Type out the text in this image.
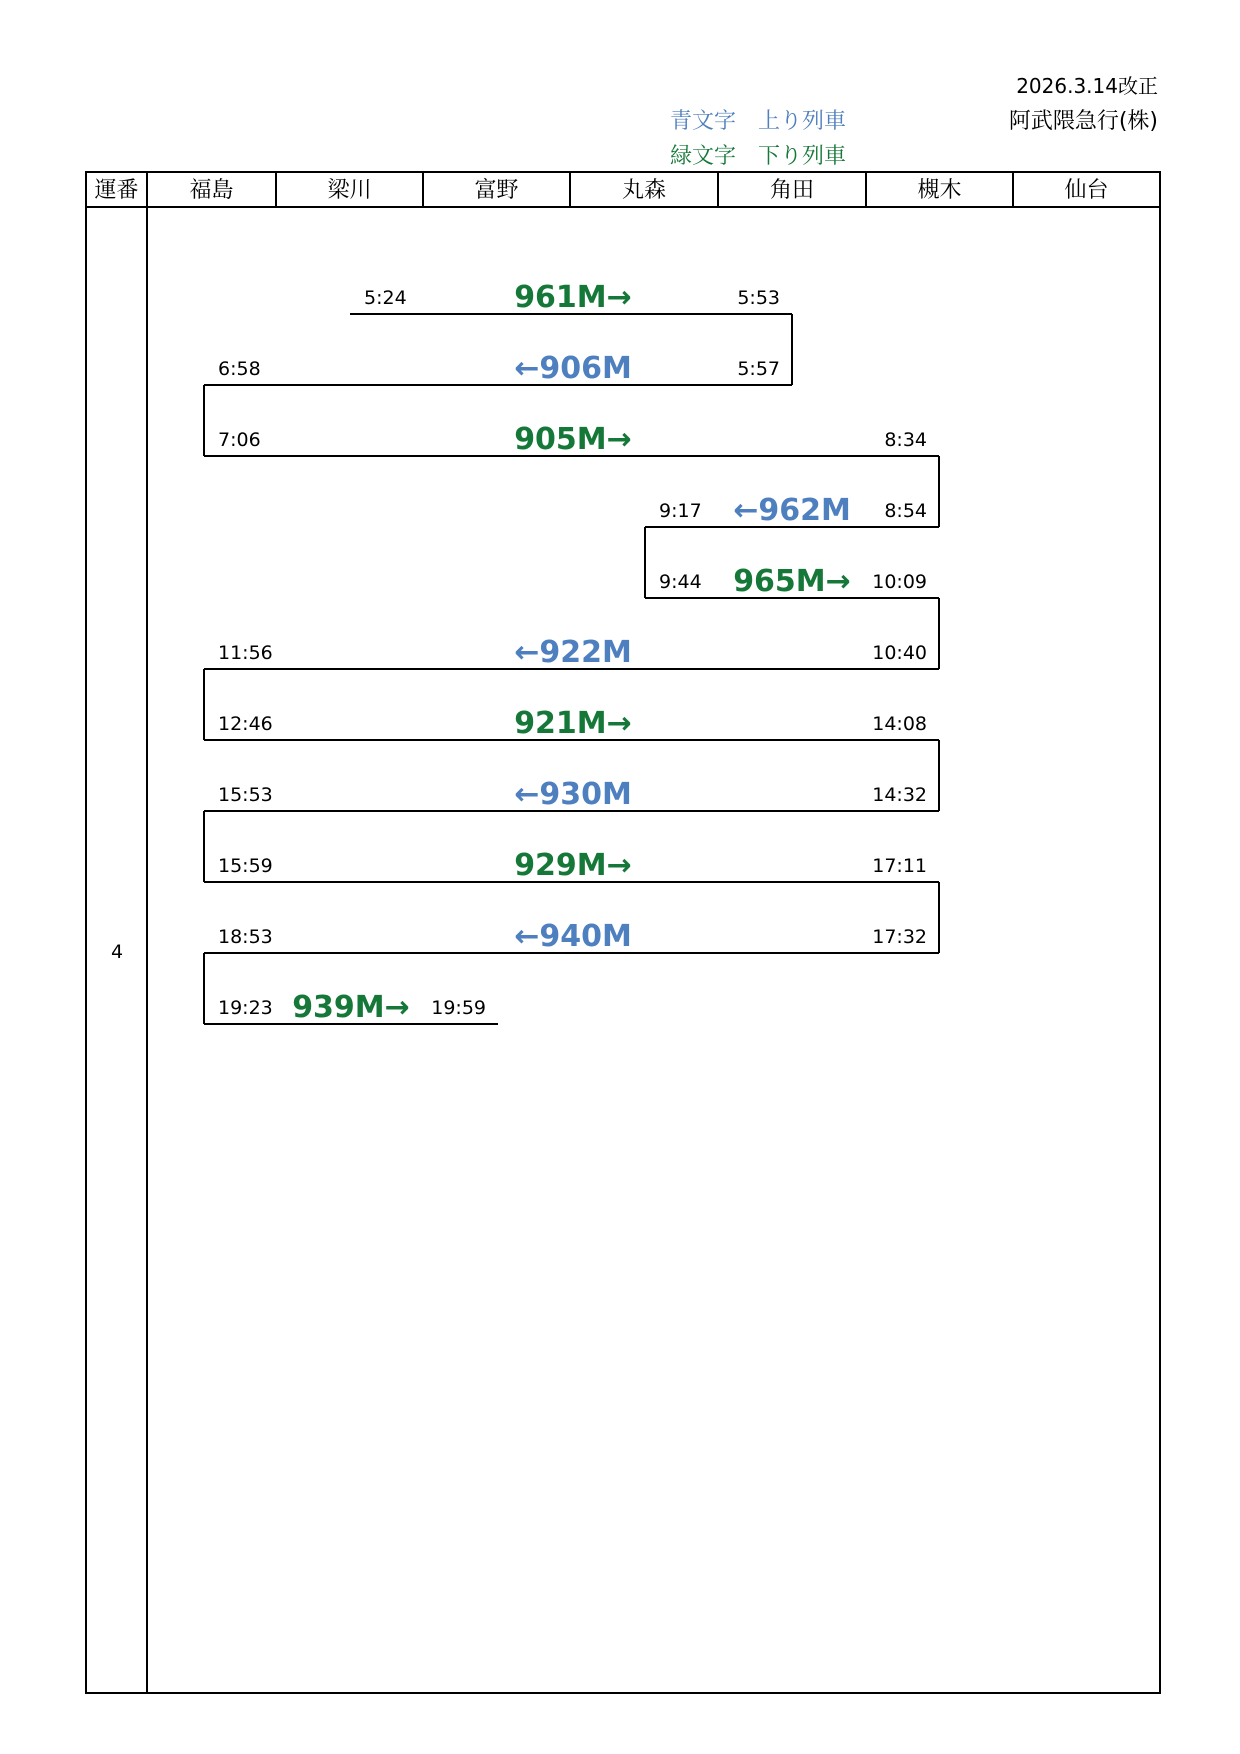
2026.3.14改正
阿武隈急行(株)
青文字　上り列車
緑文字　下り列車
4
運番 福島	梁川	富野	丸森	角田	槻木	仙台
5:24	5:53
961M→
6:58	5:57
←906M
7:06	8:34
905M→
9:17	8:54
←962M
9:44	10:09
965M→
11:56	10:40
←922M
12:46	14:08
921M→
15:53	14:32
←930M
15:59	17:11
929M→
18:53	17:32
←940M
19:23	19:59
939M→
